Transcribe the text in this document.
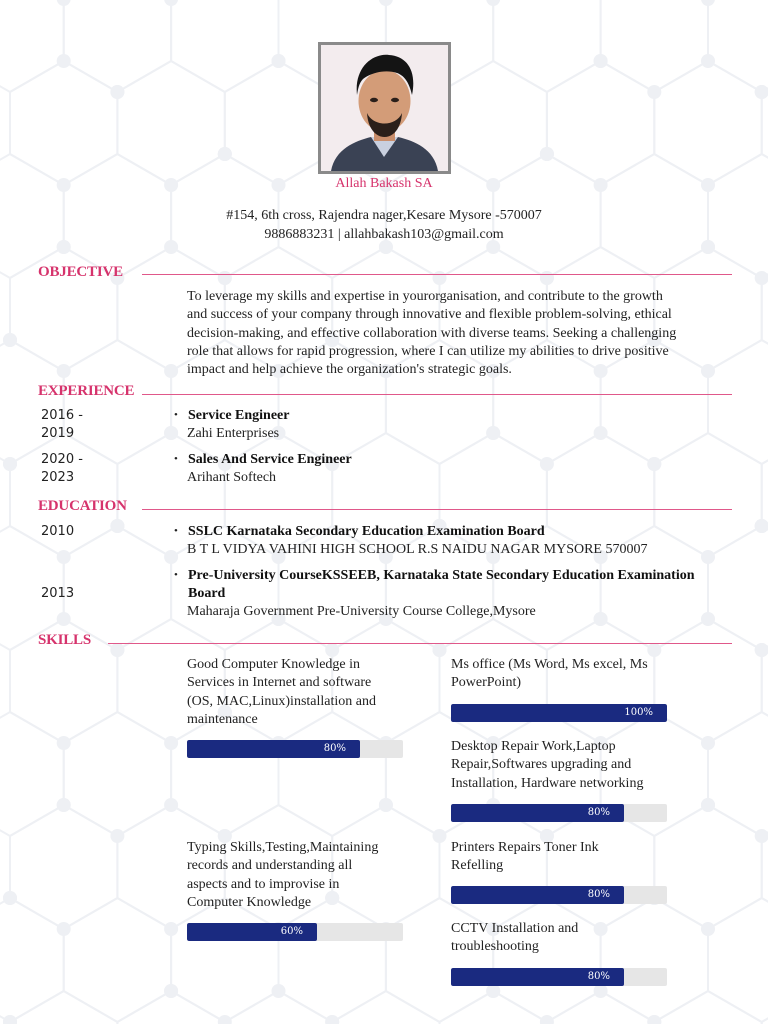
Allah Bakash SA
#154, 6th cross, Rajendra nager,Kesare Mysore -570007
9886883231 | allahbakash103@gmail.com
OBJECTIVE
To leverage my skills and expertise in yourorganisation, and contribute to the growth
and success of your company through innovative and flexible problem-solving, ethical
decision-making, and effective collaboration with diverse teams. Seeking a challenging
role that allows for rapid progression, where I can utilize my abilities to drive positive
impact and help achieve the organization's strategic goals.
EXPERIENCE
2016 -
2019
• Service Engineer
Zahi Enterprises
2020 -
2023
• Sales And Service Engineer
Arihant Softech
EDUCATION
2010	• SSLC Karnataka Secondary Education Examination Board
B T L VIDYA VAHINI HIGH SCHOOL R.S NAIDU NAGAR MYSORE 570007
2013
• Pre-University CourseKSSEEB, Karnataka State Secondary Education Examination
Board
Maharaja Government Pre-University Course College,Mysore
SKILLS
Good Computer Knowledge in
Services in Internet and software
(OS, MAC,Linux)installation and
maintenance
80%
Ms office (Ms Word, Ms excel, Ms
PowerPoint)
100%
Desktop Repair Work,Laptop
Repair,Softwares upgrading and
Installation, Hardware networking
80%
Typing Skills,Testing,Maintaining
records and understanding all
aspects and to improvise in
Computer Knowledge
60%
Printers Repairs Toner Ink
Refelling
80%
CCTV Installation and
troubleshooting
80%
